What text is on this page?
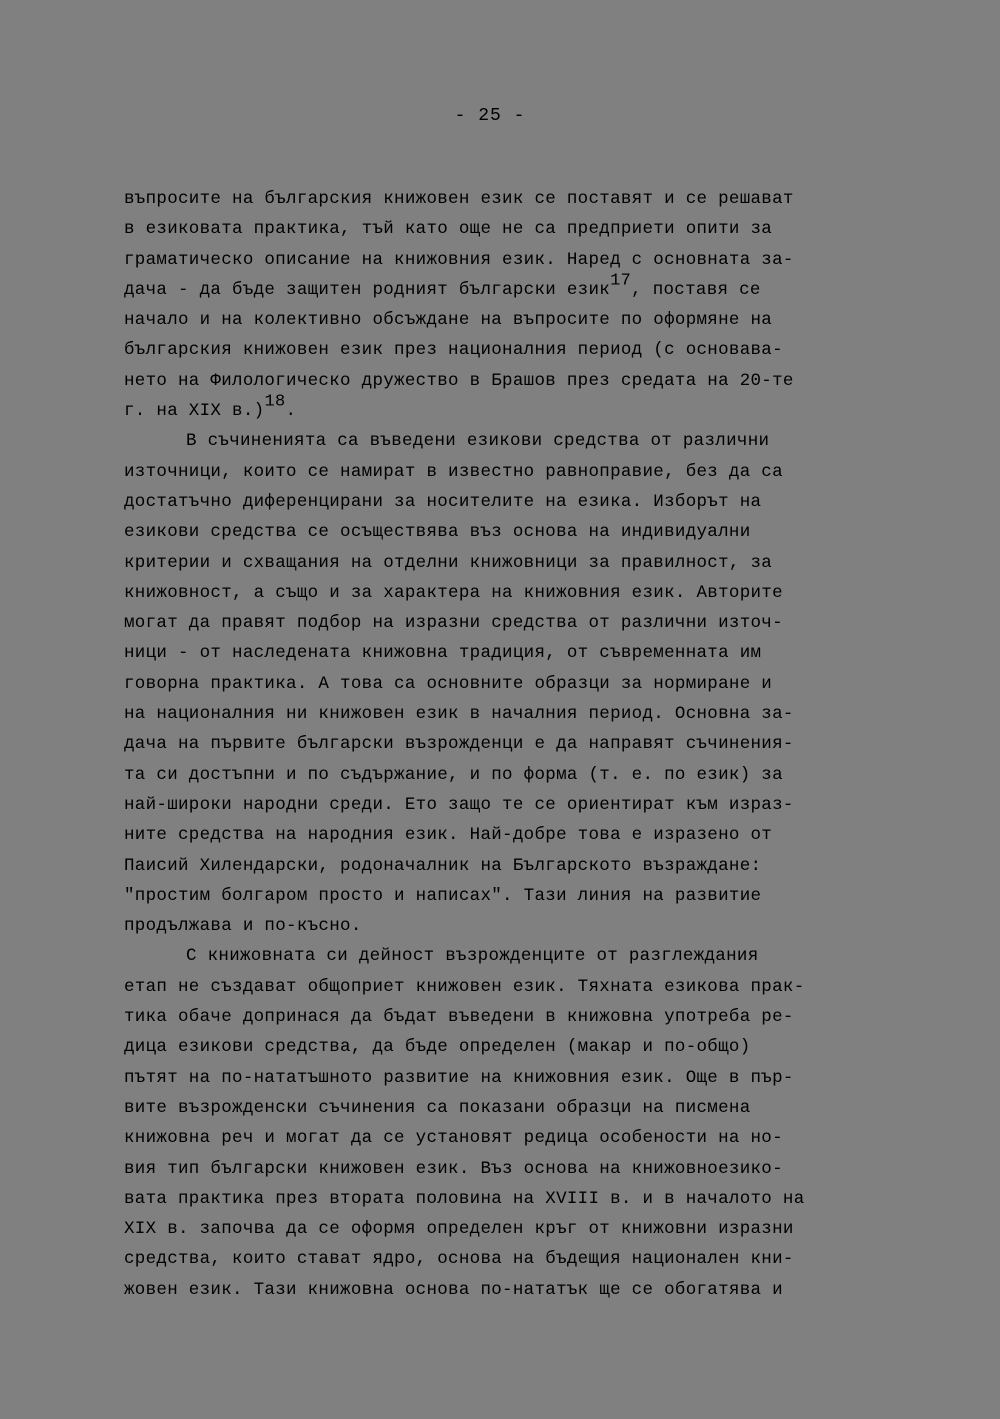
- 25 -
въпросите на българския книжовен език се поставят и се решават
в езиковата практика, тъй като още не са предприети опити за
граматическо описание на книжовния език. Наред с основната за-
дача - да бъде защитен родният български език$^{17}$, поставя се
начало и на колективно обсъждане на въпросите по оформяне на
българския книжовен език през националния период (с основава-
нето на Филологическо дружество в Брашов през средата на 20-те
г. на XIX в.)$^{18}$.
В съчиненията са въведени езикови средства от различни
източници, които се намират в известно равноправие, без да са
достатъчно диференцирани за носителите на езика. Изборът на
езикови средства се осъществява въз основа на индивидуални
критерии и схващания на отделни книжовници за правилност, за
книжовност, а също и за характера на книжовния език. Авторите
могат да правят подбор на изразни средства от различни източ-
ници - от наследената книжовна традиция, от съвременната им
говорна практика. А това са основните образци за нормиране и
на националния ни книжовен език в началния период. Основна за-
дача на първите български възрожденци е да направят съчинения-
та си достъпни и по съдържание, и по форма (т. е. по език) за
най-широки народни среди. Ето защо те се ориентират към израз-
ните средства на народния език. Най-добре това е изразено от
Паисий Хилендарски, родоначалник на Българското възраждане:
"простим болгаром просто и написах". Тази линия на развитие
продължава и по-късно.
С книжовната си дейност възрожденците от разглеждания
етап не създават общоприет книжовен език. Тяхната езикова прак-
тика обаче допринася да бъдат въведени в книжовна употреба ре-
дица езикови средства, да бъде определен (макар и по-общо)
пътят на по-нататъшното развитие на книжовния език. Още в пър-
вите възрожденски съчинения са показани образци на писмена
книжовна реч и могат да се установят редица особености на но-
вия тип български книжовен език. Въз основа на книжовноезико-
вата практика през втората половина на XVIII в. и в началото на
XIX в. започва да се оформя определен кръг от книжовни изразни
средства, които стават ядро, основа на бъдещия национален кни-
жовен език. Тази книжовна основа по-нататък ще се обогатява и
